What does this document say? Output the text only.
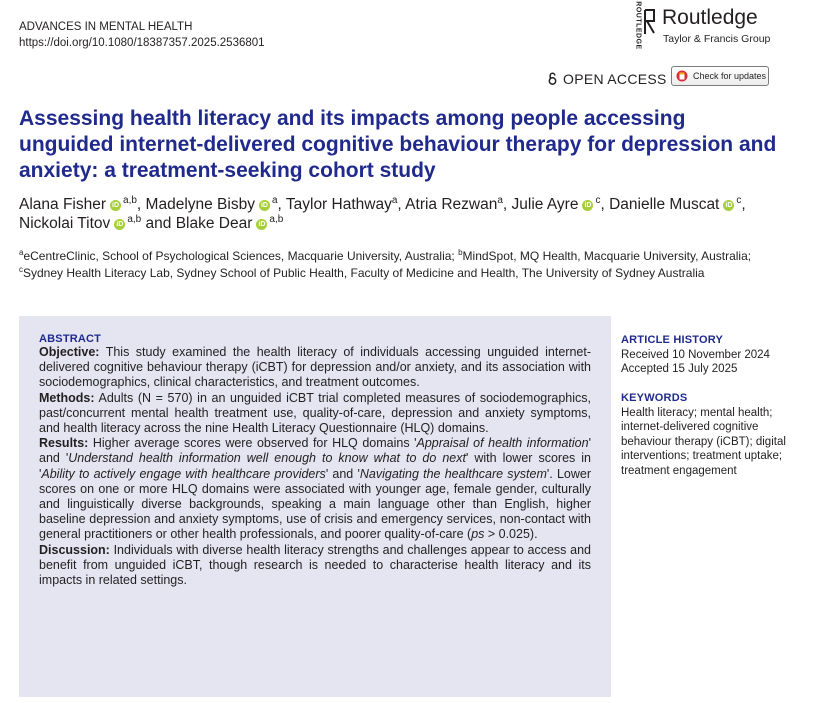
ADVANCES IN MENTAL HEALTH
https://doi.org/10.1080/18387357.2025.2536801	ROUTLEDGE Routledge
Taylor & Francis Group
OPEN ACCESS	Check for updates
Assessing health literacy and its impacts among people accessing unguided internet-delivered cognitive behaviour therapy for depression and anxiety: a treatment-seeking cohort study
Alana Fisher iD $^{a,b}$, Madelyne Bisby iD $^a$, Taylor Hathway$^a$, Atria Rezwan$^a$, Julie Ayre iD $^c$, Danielle Muscat iD $^c$, Nickolai Titov iD $^{a,b}$ and Blake Dear iD $^{a,b}$
$^a$eCentreClinic, School of Psychological Sciences, Macquarie University, Australia; $^b$MindSpot, MQ Health, Macquarie University, Australia; $^c$Sydney Health Literacy Lab, Sydney School of Public Health, Faculty of Medicine and Health, The University of Sydney Australia
ABSTRACT

Objective: This study examined the health literacy of individuals accessing unguided internet-delivered cognitive behaviour therapy (iCBT) for depression and/or anxiety, and its association with sociodemographics, clinical characteristics, and treatment outcomes.

Methods: Adults (N = 570) in an unguided iCBT trial completed measures of sociodemographics, past/concurrent mental health treatment use, quality-of-care, depression and anxiety symptoms, and health literacy across the nine Health Literacy Questionnaire (HLQ) domains.

Results: Higher average scores were observed for HLQ domains 'Appraisal of health information' and 'Understand health information well enough to know what to do next' with lower scores in 'Ability to actively engage with healthcare providers' and 'Navigating the healthcare system'. Lower scores on one or more HLQ domains were associated with younger age, female gender, culturally and linguistically diverse backgrounds, speaking a main language other than English, higher baseline depression and anxiety symptoms, use of crisis and emergency services, non-contact with general practitioners or other health professionals, and poorer quality-of-care (ps > 0.025).

Discussion: Individuals with diverse health literacy strengths and challenges appear to access and benefit from unguided iCBT, though research is needed to characterise health literacy and its impacts in related settings.

ARTICLE HISTORY
Received 10 November 2024
Accepted 15 July 2025
KEYWORDS
Health literacy; mental health; internet-delivered cognitive behaviour therapy (iCBT); digital interventions; treatment uptake; treatment engagement
